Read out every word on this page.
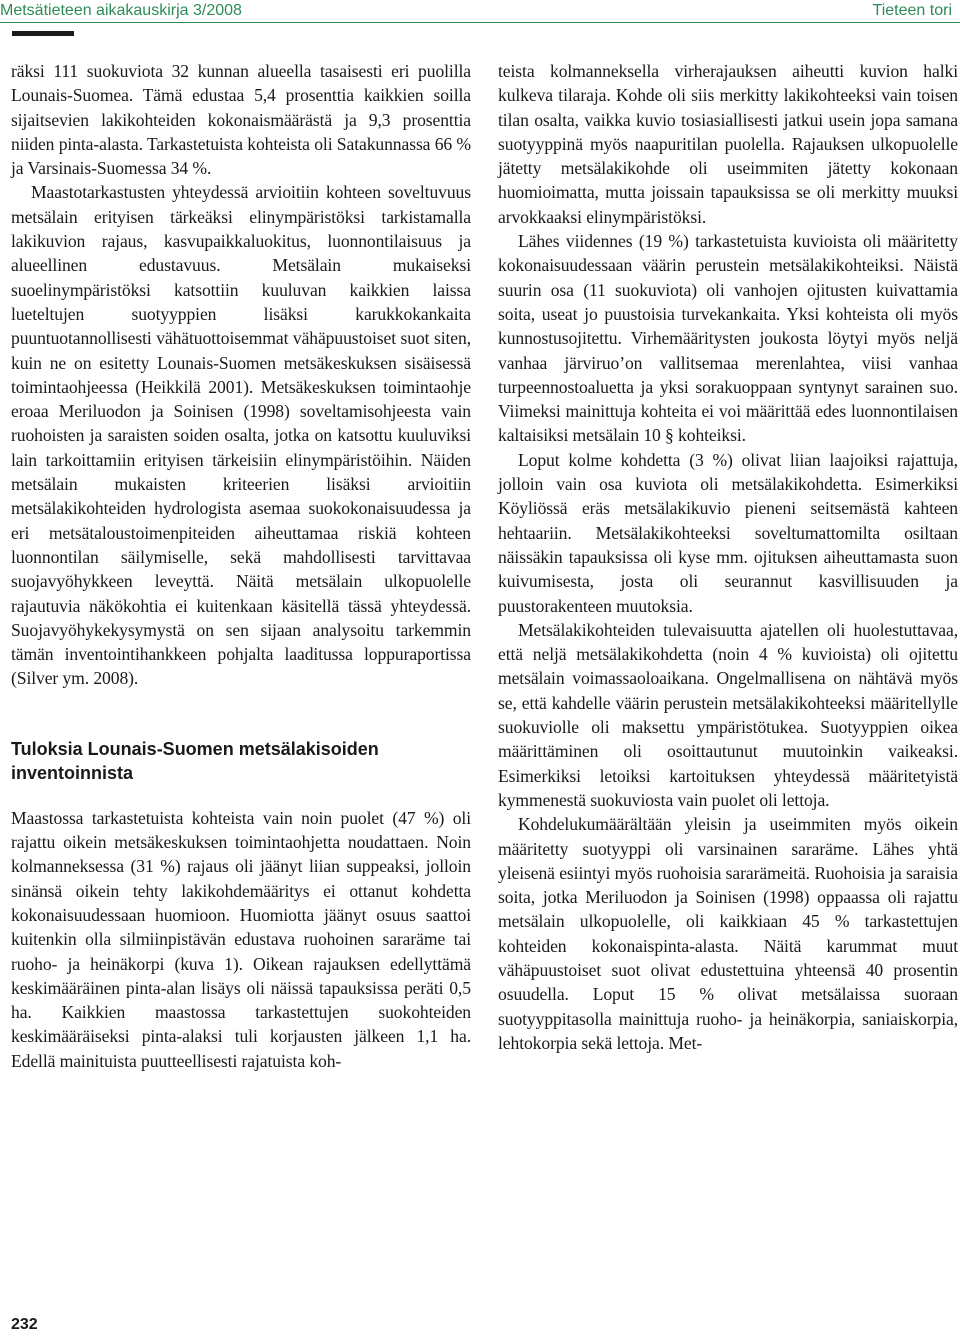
Metsätieteen aikakauskirja 3/2008	Tieteen tori

räksi 111 suokuviota 32 kunnan alueella tasaisesti eri puolilla Lounais-Suomea. Tämä edustaa 5,4 prosenttia kaikkien soilla sijaitsevien lakikohteiden kokonaismäärästä ja 9,3 prosenttia niiden pinta-alasta. Tarkastetuista kohteista oli Satakunnassa 66 % ja Varsinais-Suomessa 34 %.

Maastotarkastusten yhteydessä arvioitiin kohteen soveltuvuus metsälain erityisen tärkeäksi elinympäristöksi tarkistamalla lakikuvion rajaus, kasvupaikkaluokitus, luonnontilaisuus ja alueellinen edustavuus. Metsälain mukaiseksi suoelinympäristöksi katsottiin kuuluvan kaikkien laissa lueteltujen suotyyppien lisäksi karukkokankaita puuntuotannollisesti vähätuottoisemmat vähäpuustoiset suot siten, kuin ne on esitetty Lounais-Suomen metsäkeskuksen sisäisessä toimintaohjeessa (Heikkilä 2001). Metsäkeskuksen toimintaohje eroaa Meriluodon ja Soinisen (1998) soveltamisohjeesta vain ruohoisten ja saraisten soiden osalta, jotka on katsottu kuuluviksi lain tarkoittamiin erityisen tärkeisiin elinympäristöihin. Näiden metsälain mukaisten kriteerien lisäksi arvioitiin metsälakikohteiden hydrologista asemaa suokokonaisuudessa ja eri metsätaloustoimenpiteiden aiheuttamaa riskiä kohteen luonnontilan säilymiselle, sekä mahdollisesti tarvittavaa suojavyöhykkeen leveyttä. Näitä metsälain ulkopuolelle rajautuvia näkökohtia ei kuitenkaan käsitellä tässä yhteydessä. Suojavyöhykekysymystä on sen sijaan analysoitu tarkemmin tämän inventointihankkeen pohjalta laaditussa loppuraportissa (Silver ym. 2008).

Tuloksia Lounais-Suomen metsälakisoiden inventoinnista

Maastossa tarkastetuista kohteista vain noin puolet (47 %) oli rajattu oikein metsäkeskuksen toimintaohjetta noudattaen. Noin kolmanneksessa (31 %) rajaus oli jäänyt liian suppeaksi, jolloin sinänsä oikein tehty lakikohdemääritys ei ottanut kohdetta kokonaisuudessaan huomioon. Huomiotta jäänyt osuus saattoi kuitenkin olla silmiinpistävän edustava ruohoinen sararäme tai ruoho- ja heinäkorpi (kuva 1). Oikean rajauksen edellyttämä keskimääräinen pinta-alan lisäys oli näissä tapauksissa peräti 0,5 ha. Kaikkien maastossa tarkastettujen suokohteiden keskimääräiseksi pinta-alaksi tuli korjausten jälkeen 1,1 ha. Edellä mainituista puutteellisesti rajatuista koh-

teista kolmanneksella virherajauksen aiheutti kuvion halki kulkeva tilaraja. Kohde oli siis merkitty lakikohteeksi vain toisen tilan osalta, vaikka kuvio tosiasiallisesti jatkui usein jopa samana suotyyppinä myös naapuritilan puolella. Rajauksen ulkopuolelle jätetty metsälakikohde oli useimmiten jätetty kokonaan huomioimatta, mutta joissain tapauksissa se oli merkitty muuksi arvokkaaksi elinympäristöksi.

Lähes viidennes (19 %) tarkastetuista kuvioista oli määritetty kokonaisuudessaan väärin perustein metsälakikohteiksi. Näistä suurin osa (11 suokuviota) oli vanhojen ojitusten kuivattamia soita, useat jo puustoisia turvekankaita. Yksi kohteista oli myös kunnostusojitettu. Virhemääritysten joukosta löytyi myös neljä vanhaa järviruo’on vallitsemaa merenlahtea, viisi vanhaa turpeennostoaluetta ja yksi sorakuoppaan syntynyt sarainen suo. Viimeksi mainittuja kohteita ei voi määrittää edes luonnontilaisen kaltaisiksi metsälain 10 § kohteiksi.

Loput kolme kohdetta (3 %) olivat liian laajoiksi rajattuja, jolloin vain osa kuviota oli metsälakikohdetta. Esimerkiksi Köyliössä eräs metsälakikuvio pieneni seitsemästä kahteen hehtaariin. Metsälakikohteeksi soveltumattomilta osiltaan näissäkin tapauksissa oli kyse mm. ojituksen aiheuttamasta suon kuivumisesta, josta oli seurannut kasvillisuuden ja puustorakenteen muutoksia.

Metsälakikohteiden tulevaisuutta ajatellen oli huolestuttavaa, että neljä metsälakikohdetta (noin 4 % kuvioista) oli ojitettu metsälain voimassaoloaikana. Ongelmallisena on nähtävä myös se, että kahdelle väärin perustein metsälakikohteeksi määritellylle suokuviolle oli maksettu ympäristötukea. Suotyyppien oikea määrittäminen oli osoittautunut muutoinkin vaikeaksi. Esimerkiksi letoiksi kartoituksen yhteydessä määritetyistä kymmenestä suokuviosta vain puolet oli lettoja.

Kohdelukumäärältään yleisin ja useimmiten myös oikein määritetty suotyyppi oli varsinainen sararäme. Lähes yhtä yleisenä esiintyi myös ruohoisia sararämeitä. Ruohoisia ja saraisia soita, jotka Meriluodon ja Soinisen (1998) oppaassa oli rajattu metsälain ulkopuolelle, oli kaikkiaan 45 % tarkastettujen kohteiden kokonaispinta-alasta. Näitä karummat muut vähäpuustoiset suot olivat edustettuina yhteensä 40 prosentin osuudella. Loput 15 % olivat metsälaissa suoraan suotyyppitasolla mainittuja ruoho- ja heinäkorpia, saniaiskorpia, lehtokorpia sekä lettoja. Met-

232
